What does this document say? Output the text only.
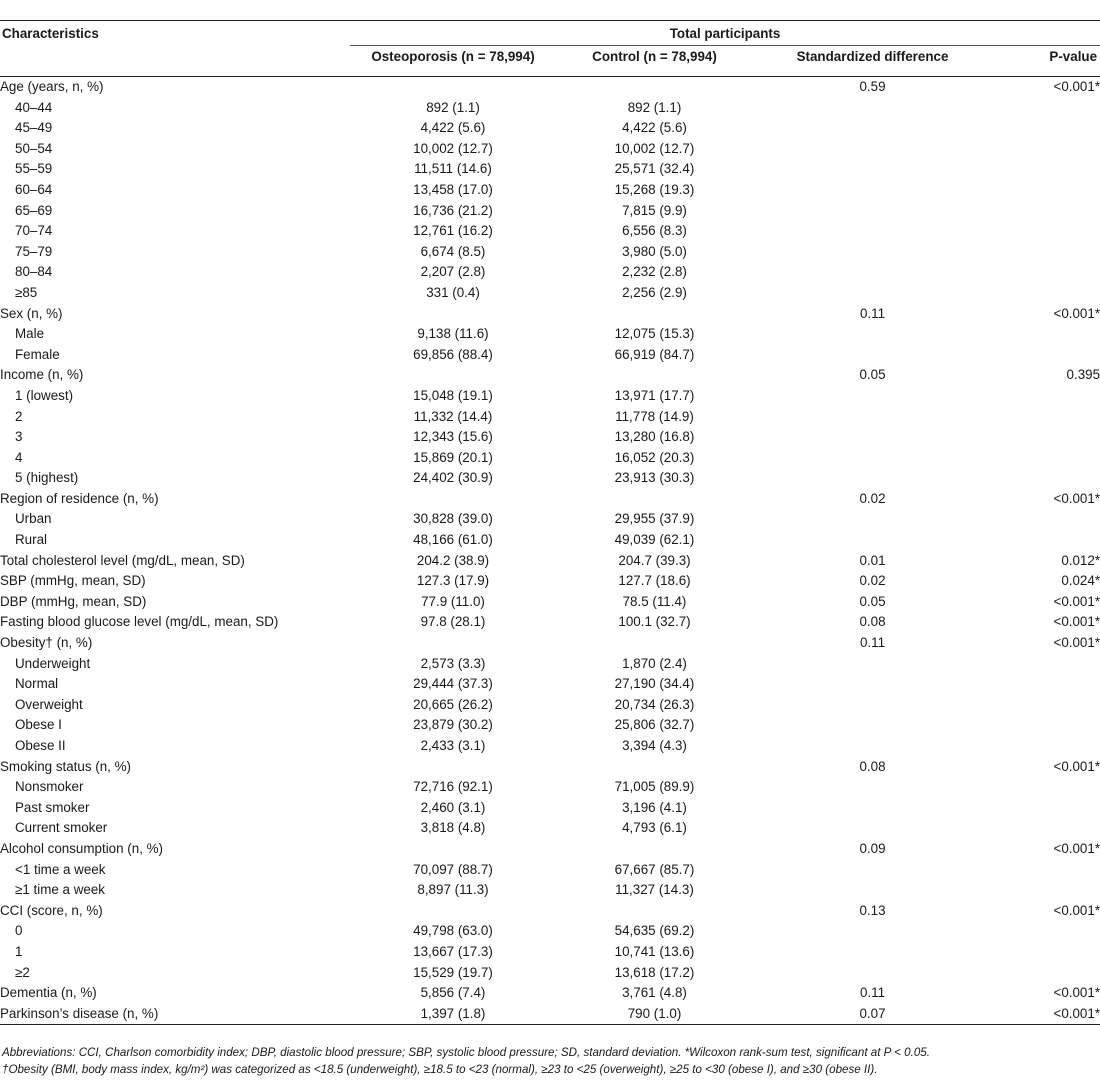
Characteristics	Total participants			
	Osteoporosis (n = 78,994)	Control (n = 78,994)	Standardized difference	P-value
Age (years, n, %)			0.59	<0.001*
40–44	892 (1.1)	892 (1.1)		
45–49	4,422 (5.6)	4,422 (5.6)		
50–54	10,002 (12.7)	10,002 (12.7)		
55–59	11,511 (14.6)	25,571 (32.4)		
60–64	13,458 (17.0)	15,268 (19.3)		
65–69	16,736 (21.2)	7,815 (9.9)		
70–74	12,761 (16.2)	6,556 (8.3)		
75–79	6,674 (8.5)	3,980 (5.0)		
80–84	2,207 (2.8)	2,232 (2.8)		
≥85	331 (0.4)	2,256 (2.9)		
Sex (n, %)			0.11	<0.001*
Male	9,138 (11.6)	12,075 (15.3)		
Female	69,856 (88.4)	66,919 (84.7)		
Income (n, %)			0.05	0.395
1 (lowest)	15,048 (19.1)	13,971 (17.7)		
2	11,332 (14.4)	11,778 (14.9)		
3	12,343 (15.6)	13,280 (16.8)		
4	15,869 (20.1)	16,052 (20.3)		
5 (highest)	24,402 (30.9)	23,913 (30.3)		
Region of residence (n, %)			0.02	<0.001*
Urban	30,828 (39.0)	29,955 (37.9)		
Rural	48,166 (61.0)	49,039 (62.1)		
Total cholesterol level (mg/dL, mean, SD)	204.2 (38.9)	204.7 (39.3)	0.01	0.012*
SBP (mmHg, mean, SD)	127.3 (17.9)	127.7 (18.6)	0.02	0.024*
DBP (mmHg, mean, SD)	77.9 (11.0)	78.5 (11.4)	0.05	<0.001*
Fasting blood glucose level (mg/dL, mean, SD)	97.8 (28.1)	100.1 (32.7)	0.08	<0.001*
Obesity† (n, %)			0.11	<0.001*
Underweight	2,573 (3.3)	1,870 (2.4)		
Normal	29,444 (37.3)	27,190 (34.4)		
Overweight	20,665 (26.2)	20,734 (26.3)		
Obese I	23,879 (30.2)	25,806 (32.7)		
Obese II	2,433 (3.1)	3,394 (4.3)		
Smoking status (n, %)			0.08	<0.001*
Nonsmoker	72,716 (92.1)	71,005 (89.9)		
Past smoker	2,460 (3.1)	3,196 (4.1)		
Current smoker	3,818 (4.8)	4,793 (6.1)		
Alcohol consumption (n, %)			0.09	<0.001*
<1 time a week	70,097 (88.7)	67,667 (85.7)		
≥1 time a week	8,897 (11.3)	11,327 (14.3)		
CCI (score, n, %)			0.13	<0.001*
0	49,798 (63.0)	54,635 (69.2)		
1	13,667 (17.3)	10,741 (13.6)		
≥2	15,529 (19.7)	13,618 (17.2)		
Dementia (n, %)	5,856 (7.4)	3,761 (4.8)	0.11	<0.001*
Parkinson’s disease (n, %)	1,397 (1.8)	790 (1.0)	0.07	<0.001*

Abbreviations: CCI, Charlson comorbidity index; DBP, diastolic blood pressure; SBP, systolic blood pressure; SD, standard deviation. *Wilcoxon rank-sum test, significant at P < 0.05.

†Obesity (BMI, body mass index, kg/m²) was categorized as <18.5 (underweight), ≥18.5 to <23 (normal), ≥23 to <25 (overweight), ≥25 to <30 (obese I), and ≥30 (obese II).
